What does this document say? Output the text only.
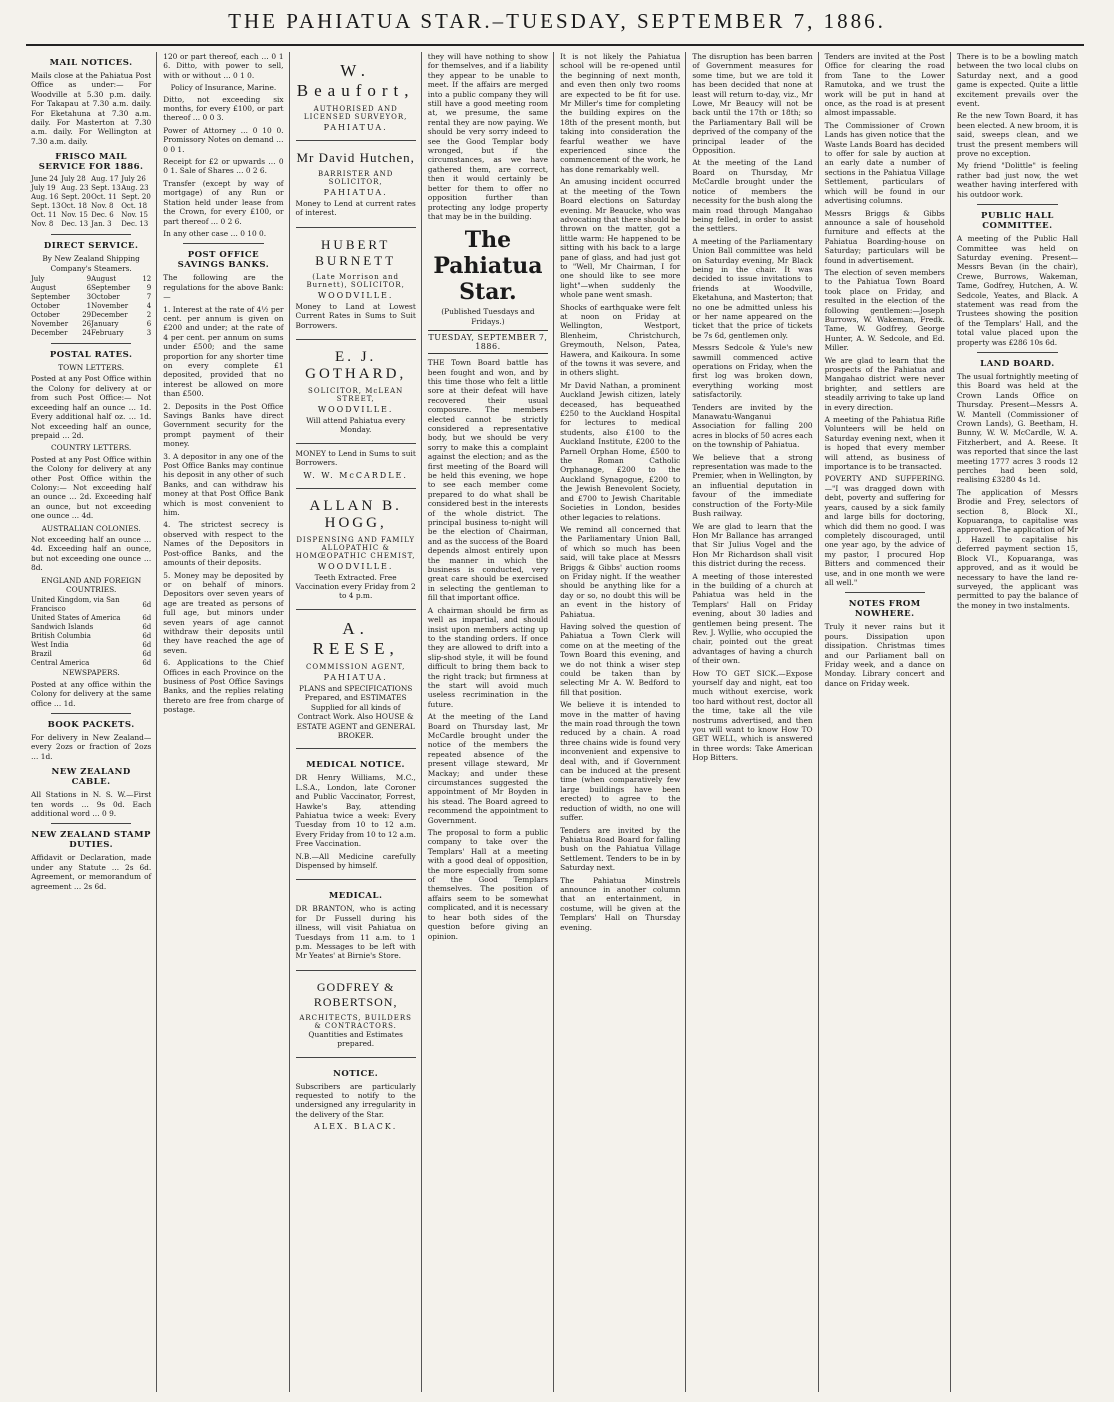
THE PAHIATUA STAR.–TUESDAY, SEPTEMBER 7, 1886.
MAIL NOTICES.

Mails close at the Pahiatua Post Office as under:— For Woodville at 5.30 p.m. daily. For Takapau at 7.30 a.m. daily. For Eketahuna at 7.30 a.m. daily. For Masterton at 7.30 a.m. daily. For Wellington at 7.30 a.m. daily.

FRISCO MAIL SERVICE FOR 1886.
June 24	July 28	Aug. 17	July 26
July 19	Aug. 23	Sept. 13	Aug. 23
Aug. 16	Sept. 20	Oct. 11	Sept. 20
Sept. 13	Oct. 18	Nov. 8	Oct. 18
Oct. 11	Nov. 15	Dec. 6	Nov. 15
Nov. 8	Dec. 13	Jan. 3	Dec. 13
DIRECT SERVICE.

By New Zealand Shipping Company's Steamers.

July	9	August	12
August	6	September	9
September	3	October	7
October	1	November	4
October	29	December	2
November	26	January	6
December	24	February	3
POSTAL RATES.

TOWN LETTERS.

Posted at any Post Office within the Colony for delivery at or from such Post Office:— Not exceeding half an ounce … 1d. Every additional half oz. … 1d. Not exceeding half an ounce, prepaid … 2d.

COUNTRY LETTERS.

Posted at any Post Office within the Colony for delivery at any other Post Office within the Colony:— Not exceeding half an ounce … 2d. Exceeding half an ounce, but not exceeding one ounce … 4d.

AUSTRALIAN COLONIES.

Not exceeding half an ounce … 4d. Exceeding half an ounce, but not exceeding one ounce … 8d.

ENGLAND AND FOREIGN COUNTRIES.

United Kingdom, via San Francisco	6d
United States of America	6d
Sandwich Islands	6d
British Columbia	6d
West India	6d
Brazil	6d
Central America	6d

NEWSPAPERS.

Posted at any office within the Colony for delivery at the same office … 1d.

BOOK PACKETS.

For delivery in New Zealand—every 2ozs or fraction of 2ozs … 1d.

NEW ZEALAND CABLE.

All Stations in N. S. W.—First ten words … 9s 0d. Each additional word … 0 9.

NEW ZEALAND STAMP DUTIES.

Affidavit or Declaration, made under any Statute … 2s 6d. Agreement, or memorandum of agreement … 2s 6d.

120 or part thereof, each … 0 1 6. Ditto, with power to sell, with or without … 0 1 0.

Policy of Insurance, Marine.

Ditto, not exceeding six months, for every £100, or part thereof … 0 0 3.

Power of Attorney … 0 10 0. Promissory Notes on demand … 0 0 1.

Receipt for £2 or upwards … 0 0 1. Sale of Shares … 0 2 6.

Transfer (except by way of mortgage) of any Run or Station held under lease from the Crown, for every £100, or part thereof … 0 2 6.

In any other case … 0 10 0.

POST OFFICE SAVINGS BANKS.

The following are the regulations for the above Bank:—

1. Interest at the rate of 4½ per cent. per annum is given on £200 and under; at the rate of 4 per cent. per annum on sums under £500; and the same proportion for any shorter time on every complete £1 deposited, provided that no interest be allowed on more than £500.

2. Deposits in the Post Office Savings Banks have direct Government security for the prompt payment of their money.

3. A depositor in any one of the Post Office Banks may continue his deposit in any other of such Banks, and can withdraw his money at that Post Office Bank which is most convenient to him.

4. The strictest secrecy is observed with respect to the Names of the Depositors in Post-office Banks, and the amounts of their deposits.

5. Money may be deposited by or on behalf of minors. Depositors over seven years of age are treated as persons of full age, but minors under seven years of age cannot withdraw their deposits until they have reached the age of seven.

6. Applications to the Chief Offices in each Province on the business of Post Office Savings Banks, and the replies relating thereto are free from charge of postage.

W. Beaufort,
AUTHORISED AND LICENSED SURVEYOR,
PAHIATUA.
Mr David Hutchen,
BARRISTER AND SOLICITOR,
PAHIATUA.

Money to Lend at current rates of interest.

HUBERT BURNETT
(Late Morrison and Burnett), SOLICITOR,
WOODVILLE.

Money to Land at Lowest Current Rates in Sums to Suit Borrowers.

E. J. GOTHARD,
SOLICITOR, McLEAN STREET,
WOODVILLE.

Will attend Pahiatua every Monday.

MONEY to Lend in Sums to suit Borrowers.

W. W. McCARDLE.
ALLAN B. HOGG,
DISPENSING AND FAMILY ALLOPATHIC & HOMŒOPATHIC CHEMIST,
WOODVILLE.

Teeth Extracted. Free Vaccination every Friday from 2 to 4 p.m.

A. REESE,
COMMISSION AGENT,
PAHIATUA.

PLANS and SPECIFICATIONS Prepared, and ESTIMATES Supplied for all kinds of Contract Work. Also HOUSE & ESTATE AGENT and GENERAL BROKER.

MEDICAL NOTICE.

DR Henry Williams, M.C., L.S.A., London, late Coroner and Public Vaccinator, Forrest, Hawke's Bay, attending Pahiatua twice a week: Every Tuesday from 10 to 12 a.m. Every Friday from 10 to 12 a.m. Free Vaccination.

N.B.—All Medicine carefully Dispensed by himself.

MEDICAL.

DR BRANTON, who is acting for Dr Fussell during his illness, will visit Pahiatua on Tuesdays from 11 a.m. to 1 p.m. Messages to be left with Mr Yeates' at Birnie's Store.

GODFREY & ROBERTSON,
ARCHITECTS, BUILDERS & CONTRACTORS.

Quantities and Estimates prepared.

NOTICE.

Subscribers are particularly requested to notify to the undersigned any irregularity in the delivery of the Star.

ALEX. BLACK.

they will have nothing to show for themselves, and if a liability they appear to be unable to meet. If the affairs are merged into a public company they will still have a good meeting room at, we presume, the same rental they are now paying. We should be very sorry indeed to see the Good Templar body wronged, but if the circumstances, as we have gathered them, are correct, then it would certainly be better for them to offer no opposition further than protecting any lodge property that may be in the building.

The Pahiatua Star.
(Published Tuesdays and Fridays.)
TUESDAY, SEPTEMBER 7, 1886.

THE Town Board battle has been fought and won, and by this time those who felt a little sore at their defeat will have recovered their usual composure. The members elected cannot be strictly considered a representative body, but we should be very sorry to make this a complaint against the election; and as the first meeting of the Board will be held this evening, we hope to see each member come prepared to do what shall be considered best in the interests of the whole district. The principal business to-night will be the election of Chairman, and as the success of the Board depends almost entirely upon the manner in which the business is conducted, very great care should be exercised in selecting the gentleman to fill that important office.

A chairman should be firm as well as impartial, and should insist upon members acting up to the standing orders. If once they are allowed to drift into a slip-shod style, it will be found difficult to bring them back to the right track; but firmness at the start will avoid much useless recrimination in the future.

At the meeting of the Land Board on Thursday last, Mr McCardle brought under the notice of the members the repeated absence of the present village steward, Mr Mackay; and under these circumstances suggested the appointment of Mr Boyden in his stead. The Board agreed to recommend the appointment to Government.

The proposal to form a public company to take over the Templars' Hall at a meeting with a good deal of opposition, the more especially from some of the Good Templars themselves. The position of affairs seem to be somewhat complicated, and it is necessary to hear both sides of the question before giving an opinion.

It is not likely the Pahiatua school will be re-opened until the beginning of next month, and even then only two rooms are expected to be fit for use. Mr Miller's time for completing the building expires on the 18th of the present month, but taking into consideration the fearful weather we have experienced since the commencement of the work, he has done remarkably well.

An amusing incident occurred at the meeting of the Town Board elections on Saturday evening. Mr Beaucke, who was advocating that there should be thrown on the matter, got a little warm: He happened to be sitting with his back to a large pane of glass, and had just got to "Well, Mr Chairman, I for one should like to see more light"—when suddenly the whole pane went smash.

Shocks of earthquake were felt at noon on Friday at Wellington, Westport, Blenheim, Christchurch, Greymouth, Nelson, Patea, Hawera, and Kaikoura. In some of the towns it was severe, and in others slight.

Mr David Nathan, a prominent Auckland Jewish citizen, lately deceased, has bequeathed £250 to the Auckland Hospital for lectures to medical students, also £100 to the Auckland Institute, £200 to the Parnell Orphan Home, £500 to the Roman Catholic Orphanage, £200 to the Auckland Synagogue, £200 to the Jewish Benevolent Society, and £700 to Jewish Charitable Societies in London, besides other legacies to relations.

We remind all concerned that the Parliamentary Union Ball, of which so much has been said, will take place at Messrs Briggs & Gibbs' auction rooms on Friday night. If the weather should be anything like for a day or so, no doubt this will be an event in the history of Pahiatua.

Having solved the question of Pahiatua a Town Clerk will come on at the meeting of the Town Board this evening, and we do not think a wiser step could be taken than by selecting Mr A. W. Bedford to fill that position.

We believe it is intended to move in the matter of having the main road through the town reduced by a chain. A road three chains wide is found very inconvenient and expensive to deal with, and if Government can be induced at the present time (when comparatively few large buildings have been erected) to agree to the reduction of width, no one will suffer.

Tenders are invited by the Pahiatua Road Board for falling bush on the Pahiatua Village Settlement. Tenders to be in by Saturday next.

The Pahiatua Minstrels announce in another column that an entertainment, in costume, will be given at the Templars' Hall on Thursday evening.

The disruption has been barren of Government measures for some time, but we are told it has been decided that none at least will return to-day, viz., Mr Lowe, Mr Beaucy will not be back until the 17th or 18th; so the Parliamentary Ball will be deprived of the company of the principal leader of the Opposition.

At the meeting of the Land Board on Thursday, Mr McCardle brought under the notice of members the necessity for the bush along the main road through Mangahao being felled, in order to assist the settlers.

A meeting of the Parliamentary Union Ball committee was held on Saturday evening, Mr Black being in the chair. It was decided to issue invitations to friends at Woodville, Eketahuna, and Masterton; that no one be admitted unless his or her name appeared on the ticket that the price of tickets be 7s 6d, gentlemen only.

Messrs Sedcole & Yule's new sawmill commenced active operations on Friday, when the first log was broken down, everything working most satisfactorily.

Tenders are invited by the Manawatu-Wanganui Association for falling 200 acres in blocks of 50 acres each on the township of Pahiatua.

We believe that a strong representation was made to the Premier, when in Wellington, by an influential deputation in favour of the immediate construction of the Forty-Mile Bush railway.

We are glad to learn that the Hon Mr Ballance has arranged that Sir Julius Vogel and the Hon Mr Richardson shall visit this district during the recess.

A meeting of those interested in the building of a church at Pahiatua was held in the Templars' Hall on Friday evening, about 30 ladies and gentlemen being present. The Rev. J. Wyllie, who occupied the chair, pointed out the great advantages of having a church of their own.

How TO GET SICK.—Expose yourself day and night, eat too much without exercise, work too hard without rest, doctor all the time, take all the vile nostrums advertised, and then you will want to know How TO GET WELL, which is answered in three words: Take American Hop Bitters.

Tenders are invited at the Post Office for clearing the road from Tane to the Lower Ramutoka, and we trust the work will be put in hand at once, as the road is at present almost impassable.

The Commissioner of Crown Lands has given notice that the Waste Lands Board has decided to offer for sale by auction at an early date a number of sections in the Pahiatua Village Settlement, particulars of which will be found in our advertising columns.

Messrs Briggs & Gibbs announce a sale of household furniture and effects at the Pahiatua Boarding-house on Saturday; particulars will be found in advertisement.

The election of seven members to the Pahiatua Town Board took place on Friday, and resulted in the election of the following gentlemen:—Joseph Burrows, W. Wakeman, Fredk. Tame, W. Godfrey, George Hunter, A. W. Sedcole, and Ed. Miller.

We are glad to learn that the prospects of the Pahiatua and Mangahao district were never brighter, and settlers are steadily arriving to take up land in every direction.

A meeting of the Pahiatua Rifle Volunteers will be held on Saturday evening next, when it is hoped that every member will attend, as business of importance is to be transacted.

POVERTY AND SUFFERING.—"I was dragged down with debt, poverty and suffering for years, caused by a sick family and large bills for doctoring, which did them no good. I was completely discouraged, until one year ago, by the advice of my pastor, I procured Hop Bitters and commenced their use, and in one month we were all well."

NOTES FROM NOWHERE.

Truly it never rains but it pours. Dissipation upon dissipation. Christmas times and our Parliament ball on Friday week, and a dance on Monday. Library concert and dance on Friday week.

There is to be a bowling match between the two local clubs on Saturday next, and a good game is expected. Quite a little excitement prevails over the event.

Re the new Town Board, it has been elected. A new broom, it is said, sweeps clean, and we trust the present members will prove no exception.

My friend "Dolittle" is feeling rather bad just now, the wet weather having interfered with his outdoor work.

PUBLIC HALL COMMITTEE.

A meeting of the Public Hall Committee was held on Saturday evening. Present—Messrs Bevan (in the chair), Crewe, Burrows, Wakeman, Tame, Godfrey, Hutchen, A. W. Sedcole, Yeates, and Black. A statement was read from the Trustees showing the position of the Templars' Hall, and the total value placed upon the property was £286 10s 6d.

LAND BOARD.

The usual fortnightly meeting of this Board was held at the Crown Lands Office on Thursday. Present—Messrs A. W. Mantell (Commissioner of Crown Lands), G. Beetham, H. Bunny, W. W. McCardle, W. A. Fitzherbert, and A. Reese. It was reported that since the last meeting 1777 acres 3 roods 12 perches had been sold, realising £3280 4s 1d.

The application of Messrs Brodie and Frey, selectors of section 8, Block XI., Kopuaranga, to capitalise was approved. The application of Mr J. Hazell to capitalise his deferred payment section 15, Block VI., Kopuaranga, was approved, and as it would be necessary to have the land re-surveyed, the applicant was permitted to pay the balance of the money in two instalments.
